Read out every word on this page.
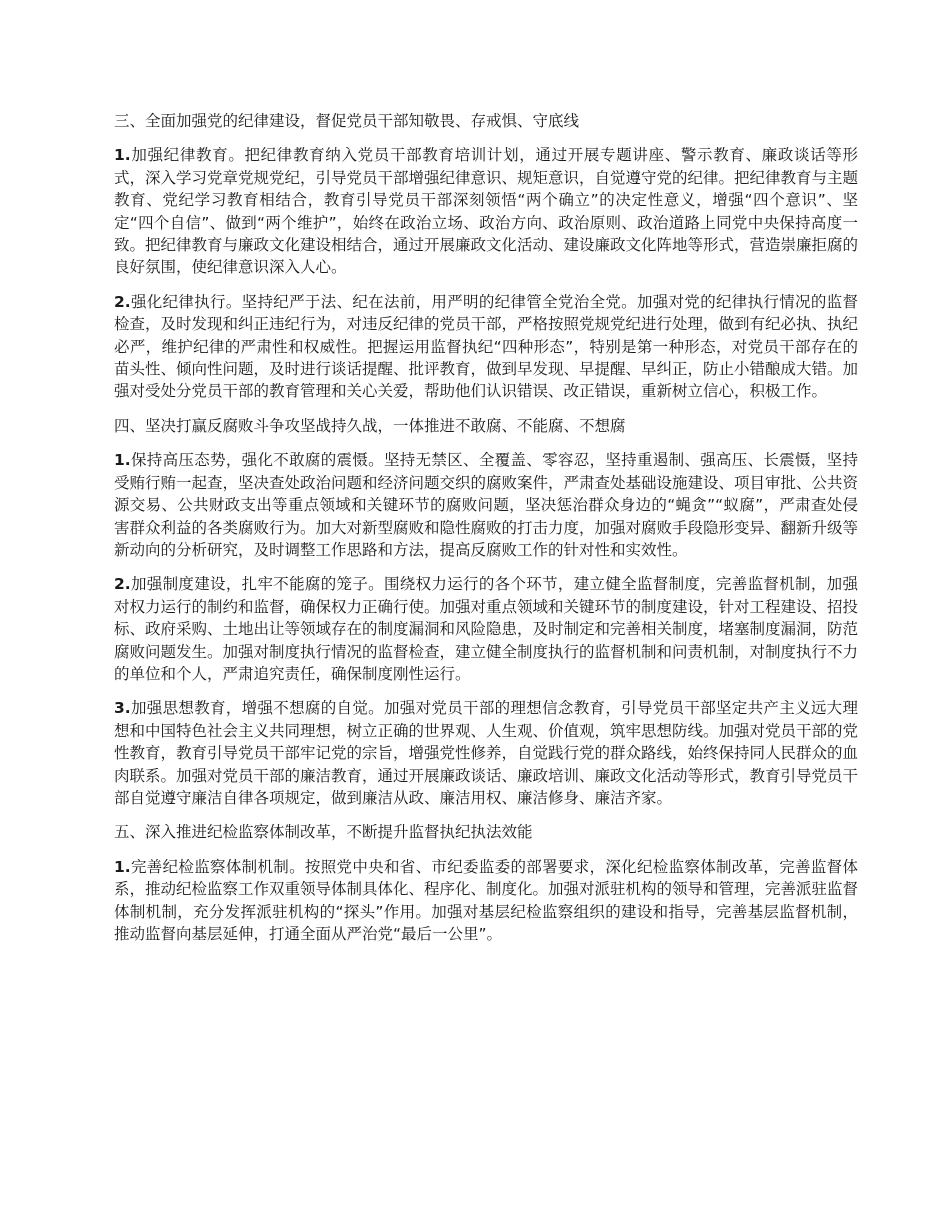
三、全面加强党的纪律建设，督促党员干部知敬畏、存戒惧、守底线

1.加强纪律教育。把纪律教育纳入党员干部教育培训计划，通过开展专题讲座、警示教育、廉政谈话等形式，深入学习党章党规党纪，引导党员干部增强纪律意识、规矩意识，自觉遵守党的纪律。把纪律教育与主题教育、党纪学习教育相结合，教育引导党员干部深刻领悟“两个确立”的决定性意义，增强“四个意识”、坚定“四个自信”、做到“两个维护”，始终在政治立场、政治方向、政治原则、政治道路上同党中央保持高度一致。把纪律教育与廉政文化建设相结合，通过开展廉政文化活动、建设廉政文化阵地等形式，营造崇廉拒腐的良好氛围，使纪律意识深入人心。

2.强化纪律执行。坚持纪严于法、纪在法前，用严明的纪律管全党治全党。加强对党的纪律执行情况的监督检查，及时发现和纠正违纪行为，对违反纪律的党员干部，严格按照党规党纪进行处理，做到有纪必执、执纪必严，维护纪律的严肃性和权威性。把握运用监督执纪“四种形态”，特别是第一种形态，对党员干部存在的苗头性、倾向性问题，及时进行谈话提醒、批评教育，做到早发现、早提醒、早纠正，防止小错酿成大错。加强对受处分党员干部的教育管理和关心关爱，帮助他们认识错误、改正错误，重新树立信心，积极工作。

四、坚决打赢反腐败斗争攻坚战持久战，一体推进不敢腐、不能腐、不想腐

1.保持高压态势，强化不敢腐的震慑。坚持无禁区、全覆盖、零容忍，坚持重遏制、强高压、长震慑，坚持受贿行贿一起查，坚决查处政治问题和经济问题交织的腐败案件，严肃查处基础设施建设、项目审批、公共资源交易、公共财政支出等重点领域和关键环节的腐败问题，坚决惩治群众身边的“蝇贪”“蚁腐”，严肃查处侵害群众利益的各类腐败行为。加大对新型腐败和隐性腐败的打击力度，加强对腐败手段隐形变异、翻新升级等新动向的分析研究，及时调整工作思路和方法，提高反腐败工作的针对性和实效性。

2.加强制度建设，扎牢不能腐的笼子。围绕权力运行的各个环节，建立健全监督制度，完善监督机制，加强对权力运行的制约和监督，确保权力正确行使。加强对重点领域和关键环节的制度建设，针对工程建设、招投标、政府采购、土地出让等领域存在的制度漏洞和风险隐患，及时制定和完善相关制度，堵塞制度漏洞，防范腐败问题发生。加强对制度执行情况的监督检查，建立健全制度执行的监督机制和问责机制，对制度执行不力的单位和个人，严肃追究责任，确保制度刚性运行。

3.加强思想教育，增强不想腐的自觉。加强对党员干部的理想信念教育，引导党员干部坚定共产主义远大理想和中国特色社会主义共同理想，树立正确的世界观、人生观、价值观，筑牢思想防线。加强对党员干部的党性教育，教育引导党员干部牢记党的宗旨，增强党性修养，自觉践行党的群众路线，始终保持同人民群众的血肉联系。加强对党员干部的廉洁教育，通过开展廉政谈话、廉政培训、廉政文化活动等形式，教育引导党员干部自觉遵守廉洁自律各项规定，做到廉洁从政、廉洁用权、廉洁修身、廉洁齐家。

五、深入推进纪检监察体制改革，不断提升监督执纪执法效能

1.完善纪检监察体制机制。按照党中央和省、市纪委监委的部署要求，深化纪检监察体制改革，完善监督体系，推动纪检监察工作双重领导体制具体化、程序化、制度化。加强对派驻机构的领导和管理，完善派驻监督体制机制，充分发挥派驻机构的“探头”作用。加强对基层纪检监察组织的建设和指导，完善基层监督机制，推动监督向基层延伸，打通全面从严治党“最后一公里”。
